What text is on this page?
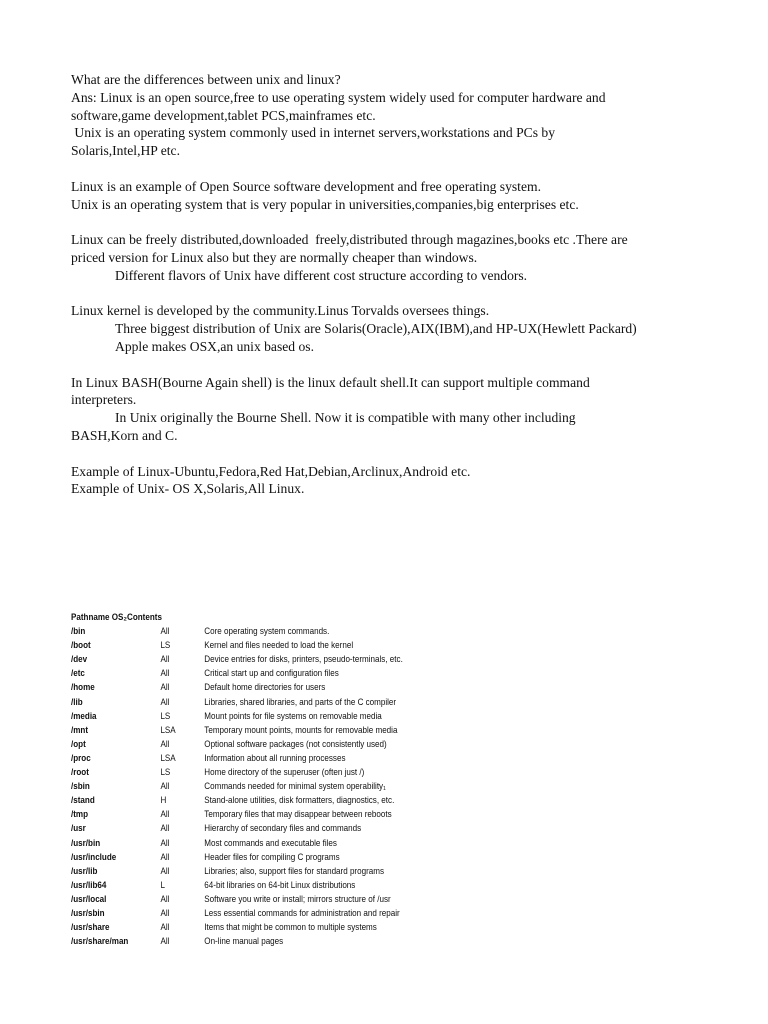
What are the differences between unix and linux?

Ans: Linux is an open source,free to use operating system widely used for computer hardware and

software,game development,tablet PCS,mainframes etc.

Unix is an operating system commonly used in internet servers,workstations and PCs by

Solaris,Intel,HP etc.

Linux is an example of Open Source software development and free operating system.

Unix is an operating system that is very popular in universities,companies,big enterprises etc.

Linux can be freely distributed,downloaded  freely,distributed through magazines,books etc .There are

priced version for Linux also but they are normally cheaper than windows.

Different flavors of Unix have different cost structure according to vendors.

Linux kernel is developed by the community.Linus Torvalds oversees things.

Three biggest distribution of Unix are Solaris(Oracle),AIX(IBM),and HP-UX(Hewlett Packard)

Apple makes OSX,an unix based os.

In Linux BASH(Bourne Again shell) is the linux default shell.It can support multiple command

interpreters.

In Unix originally the Bourne Shell. Now it is compatible with many other including

BASH,Korn and C.

Example of Linux-Ubuntu,Fedora,Red Hat,Debian,Arclinux,Android etc.

Example of Unix- OS X,Solaris,All Linux.

Pathname OS₂Contents
/bin	All	Core operating system commands.
/boot	LS	Kernel and files needed to load the kernel
/dev	All	Device entries for disks, printers, pseudo-terminals, etc.
/etc	All	Critical start up and configuration files
/home	All	Default home directories for users
/lib	All	Libraries, shared libraries, and parts of the C compiler
/media	LS	Mount points for file systems on removable media
/mnt	LSA	Temporary mount points, mounts for removable media
/opt	All	Optional software packages (not consistently used)
/proc	LSA	Information about all running processes
/root	LS	Home directory of the superuser (often just /)
/sbin	All	Commands needed for minimal system operability₁
/stand	H	Stand-alone utilities, disk formatters, diagnostics, etc.
/tmp	All	Temporary files that may disappear between reboots
/usr	All	Hierarchy of secondary files and commands
/usr/bin	All	Most commands and executable files
/usr/include	All	Header files for compiling C programs
/usr/lib	All	Libraries; also, support files for standard programs
/usr/lib64	L	64-bit libraries on 64-bit Linux distributions
/usr/local	All	Software you write or install; mirrors structure of /usr
/usr/sbin	All	Less essential commands for administration and repair
/usr/share	All	Items that might be common to multiple systems
/usr/share/man	All	On-line manual pages
